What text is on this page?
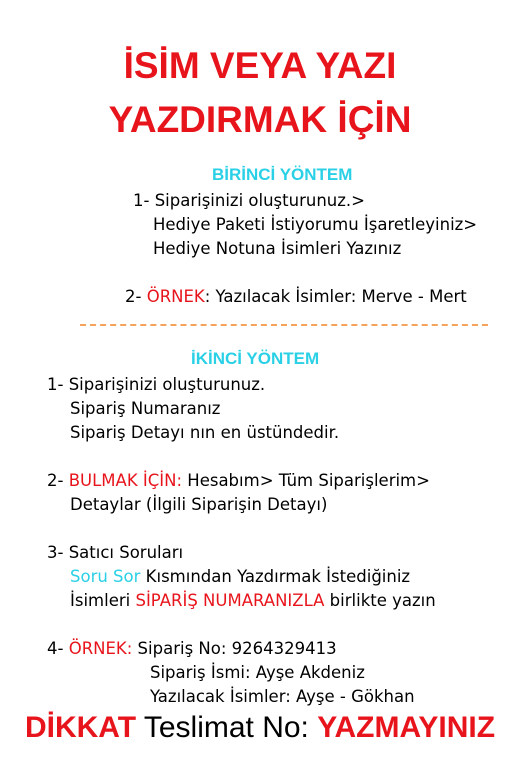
İSİM VEYA YAZI
YAZDIRMAK İÇİN
BİRİNCİ YÖNTEM
1- Siparişinizi oluşturunuz.>
Hediye Paketi İstiyorumu İşaretleyiniz>
Hediye Notuna İsimleri Yazınız
2- ÖRNEK: Yazılacak İsimler: Merve - Mert
İKİNCİ YÖNTEM
1- Siparişinizi oluşturunuz.
Sipariş Numaranız
Sipariş Detayı nın en üstündedir.
2- BULMAK İÇİN: Hesabım> Tüm Siparişlerim>
Detaylar (İlgili Siparişin Detayı)
3- Satıcı Soruları
Soru Sor Kısmından Yazdırmak İstediğiniz
İsimleri SİPARİŞ NUMARANIZLA birlikte yazın
4- ÖRNEK: Sipariş No: 9264329413
Sipariş İsmi: Ayşe Akdeniz
Yazılacak İsimler: Ayşe - Gökhan
DİKKAT Teslimat No: YAZMAYINIZ
